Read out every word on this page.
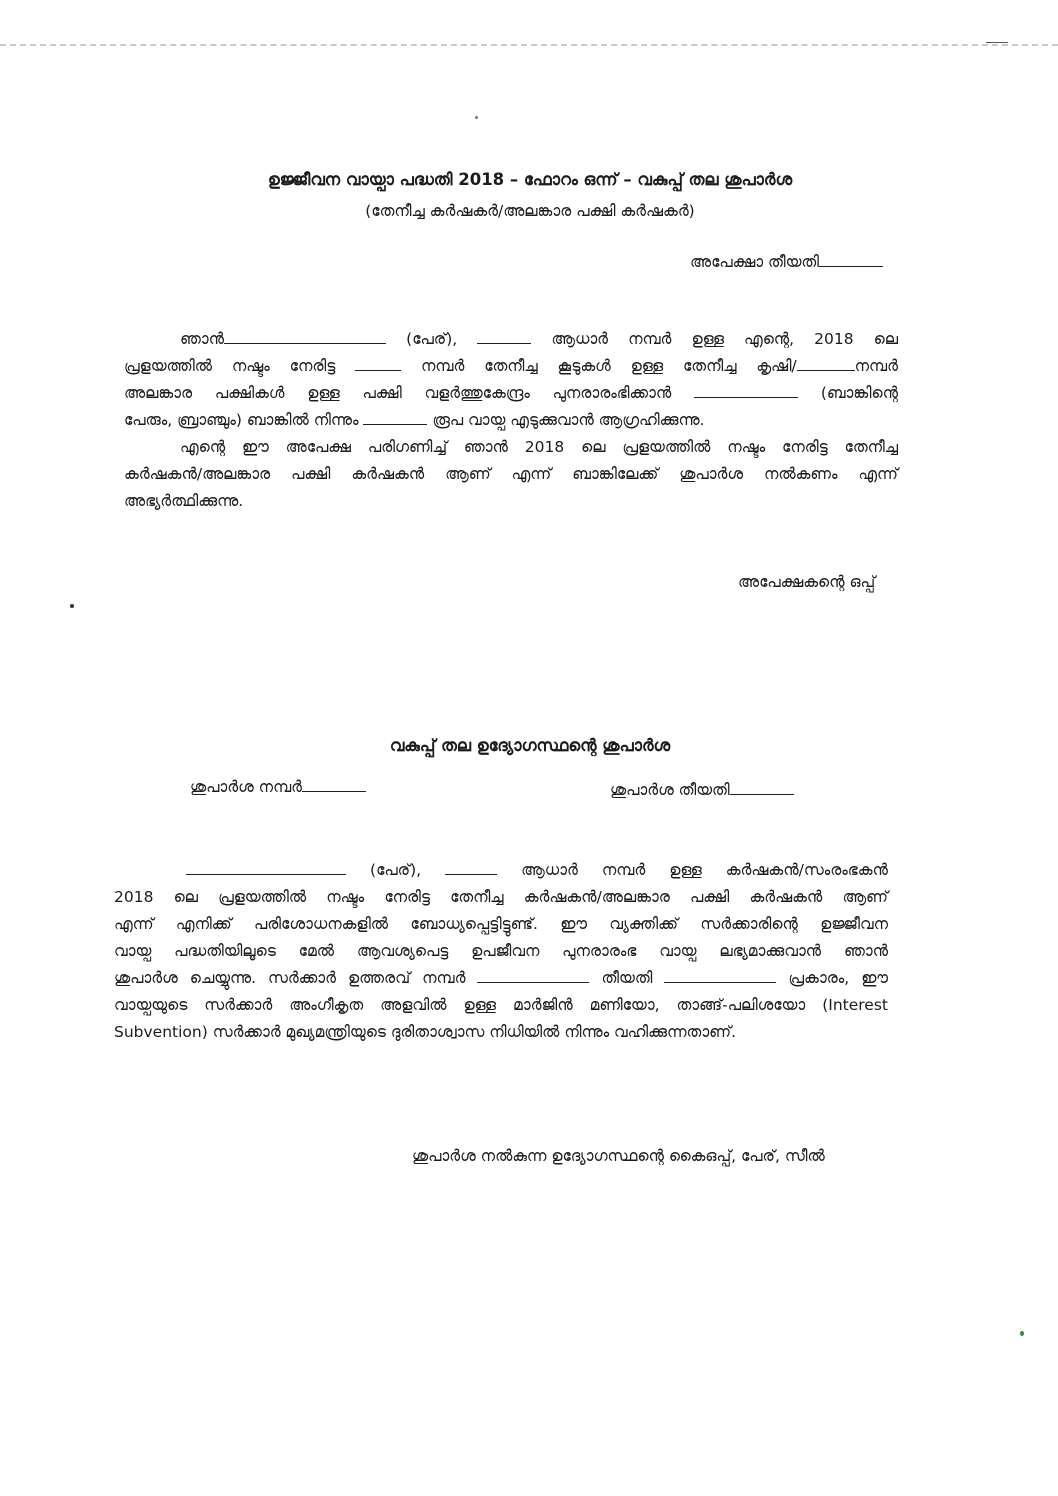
ഉജ്ജീവന വായ്പാ പദ്ധതി 2018 – ഫോറം ഒന്ന് – വകുപ്പ് തല ശുപാർശ
(തേനീച്ച കർഷകർ/അലങ്കാര പക്ഷി കർഷകർ)
അപേക്ഷാ തീയതി
ഞാൻ	(പേര്),	ആധാർ നമ്പർ ഉള്ള എന്റെ, 2018 ലെ
പ്രളയത്തിൽ നഷ്ടം നേരിട്ട	നമ്പർ തേനീച്ച കൂടുകൾ ഉള്ള തേനീച്ച കൃഷി/	നമ്പർ
അലങ്കാര പക്ഷികൾ ഉള്ള പക്ഷി വളർത്തുകേന്ദ്രം പുനരാരംഭിക്കാൻ	(ബാങ്കിന്റെ
പേരും, ബ്രാഞ്ചും) ബാങ്കിൽ നിന്നും	രൂപ വായ്പ എടുക്കുവാൻ ആഗ്രഹിക്കുന്നു.
എന്റെ ഈ അപേക്ഷ പരിഗണിച്ച് ഞാൻ 2018 ലെ പ്രളയത്തിൽ നഷ്ടം നേരിട്ട തേനീച്ച
കർഷകൻ/അലങ്കാര പക്ഷി കർഷകൻ ആണ് എന്ന് ബാങ്കിലേക്ക് ശുപാർശ നൽകണം എന്ന്
അഭ്യർത്ഥിക്കുന്നു.
അപേക്ഷകന്റെ ഒപ്പ്
വകുപ്പ് തല ഉദ്യോഗസ്ഥന്റെ ശുപാർശ
ശുപാർശ നമ്പർ	ശുപാർശ തീയതി
(പേര്),	ആധാർ നമ്പർ ഉള്ള കർഷകൻ/സംരംഭകൻ
2018 ലെ പ്രളയത്തിൽ നഷ്ടം നേരിട്ട തേനീച്ച കർഷകൻ/അലങ്കാര പക്ഷി കർഷകൻ ആണ്
എന്ന് എനിക്ക് പരിശോധനകളിൽ ബോധ്യപ്പെട്ടിട്ടുണ്ട്. ഈ വ്യക്തിക്ക് സർക്കാരിന്റെ ഉജ്ജീവന
വായ്പ പദ്ധതിയിലൂടെ മേൽ ആവശ്യപെട്ട ഉപജീവന പുനരാരംഭ വായ്പ ലഭ്യമാക്കുവാൻ ഞാൻ
ശുപാർശ ചെയ്യുന്നു. സർക്കാർ ഉത്തരവ് നമ്പർ	തീയതി	പ്രകാരം, ഈ
വായ്പയുടെ സർക്കാർ അംഗീകൃത അളവിൽ ഉള്ള മാർജിൻ മണിയോ, താങ്ങ്-പലിശയോ (Interest
Subvention) സർക്കാർ മുഖ്യമന്ത്രിയുടെ ദുരിതാശ്വാസ നിധിയിൽ നിന്നും വഹിക്കുന്നതാണ്.
ശുപാർശ നൽകുന്ന ഉദ്യോഗസ്ഥന്റെ കൈഒപ്പ്, പേര്, സീൽ
